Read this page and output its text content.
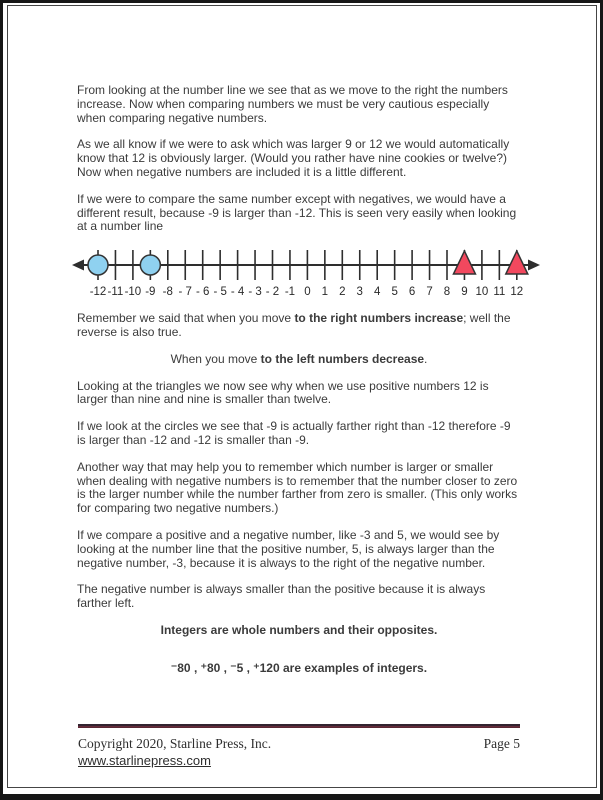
From looking at the number line we see that as we move to the right the numbers increase. Now when comparing numbers we must be very cautious especially when comparing negative numbers.

As we all know if we were to ask which was larger 9 or 12 we would automatically know that 12 is obviously larger. (Would you rather have nine cookies or twelve?) Now when negative numbers are included it is a little different.

If we were to compare the same number except with negatives, we would have a different result, because -9 is larger than -12. This is seen very easily when looking at a number line

-12 -11 -10 -9 -8 - 7 - 6 - 5 - 4 - 3 - 2 -1 0 1 2 3 4 5 6 7 8 9 10 11 12

Remember we said that when you move to the right numbers increase; well the reverse is also true.

When you move to the left numbers decrease.

Looking at the triangles we now see why when we use positive numbers 12 is larger than nine and nine is smaller than twelve.

If we look at the circles we see that -9 is actually farther right than -12 therefore -9 is larger than -12 and -12 is smaller than -9.

Another way that may help you to remember which number is larger or smaller when dealing with negative numbers is to remember that the number closer to zero is the larger number while the number farther from zero is smaller. (This only works for comparing two negative numbers.)

If we compare a positive and a negative number, like -3 and 5, we would see by looking at the number line that the positive number, 5, is always larger than the negative number, -3, because it is always to the right of the negative number.

The negative number is always smaller than the positive because it is always farther left.

Integers are whole numbers and their opposites.

⁻80 , ⁺80 , ⁻5 , ⁺120 are examples of integers.

Copyright 2020, Starline Press, Inc.
www.starlinepress.com
Page 5
